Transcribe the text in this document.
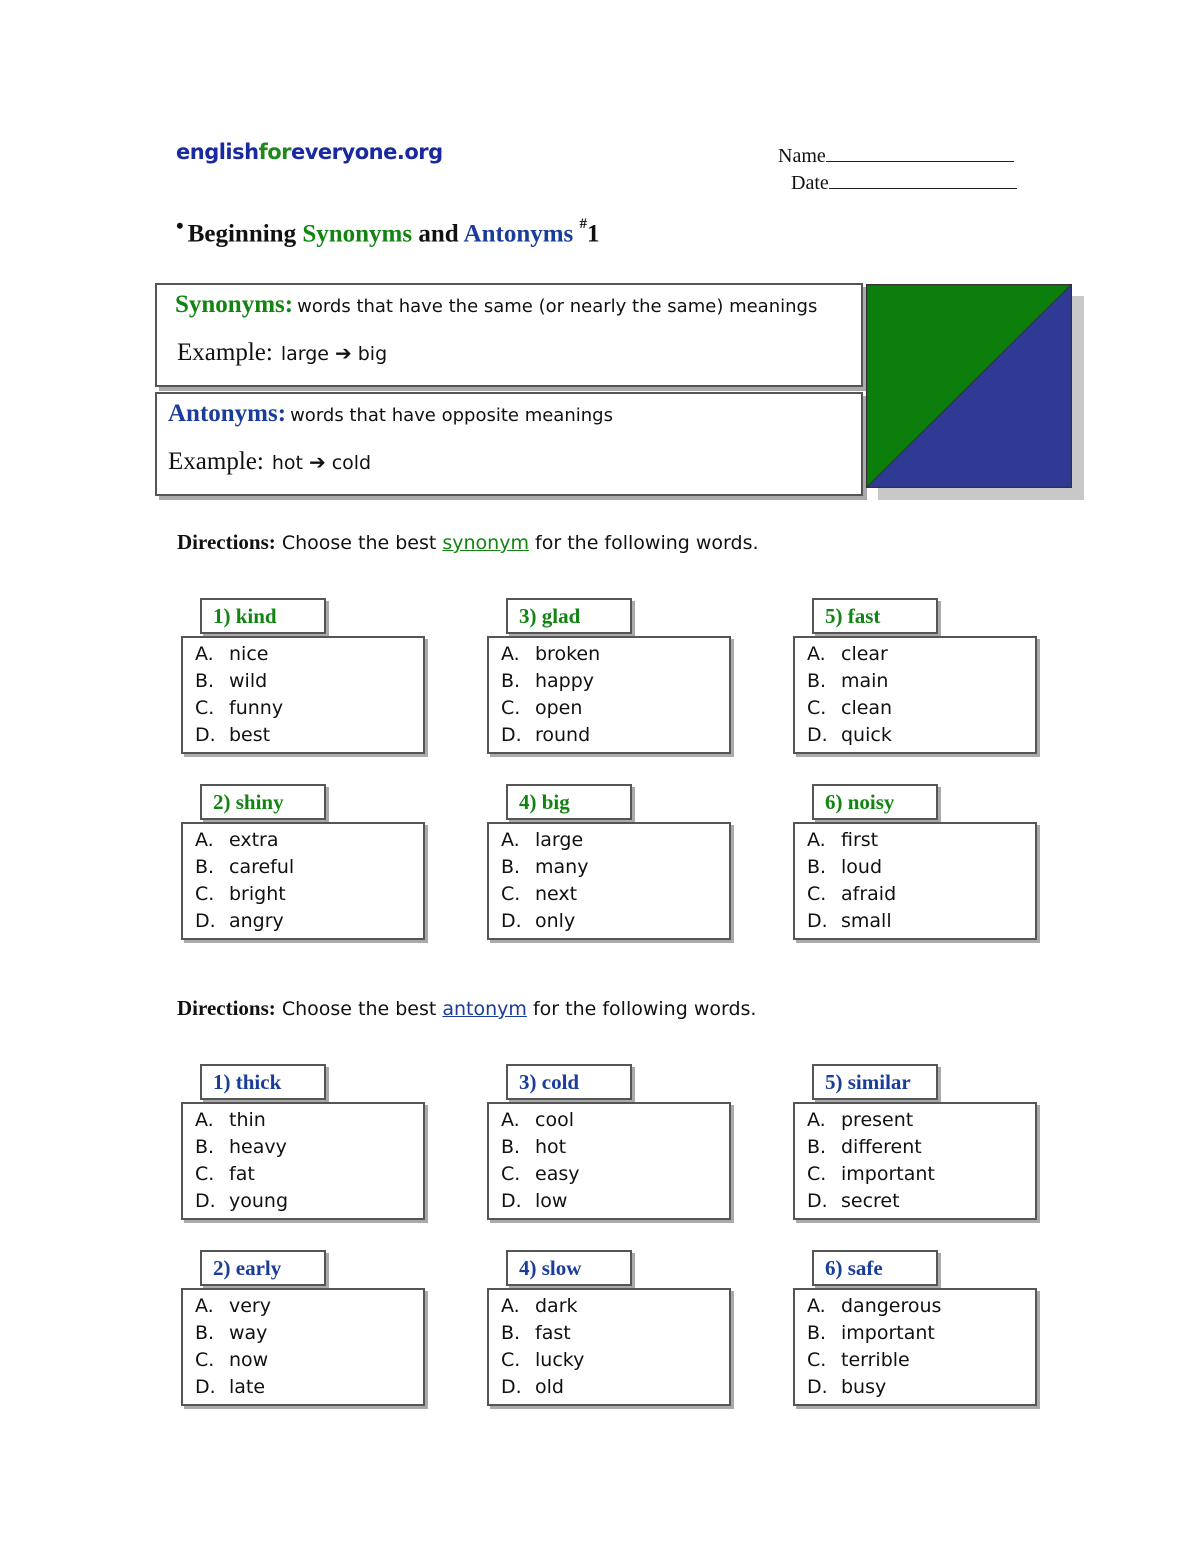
englishforeveryone.org	Name
Date
• Beginning Synonyms and Antonyms #1
Synonyms: words that have the same (or nearly the same) meanings
Example: large ➔ big
Antonyms: words that have opposite meanings
Example: hot ➔ cold
Directions: Choose the best synonym for the following words.
Directions: Choose the best antonym for the following words.
1) kind
A. nice
B. wild
C. funny
D. best
2) shiny
A. extra
B. careful
C. bright
D. angry
3) glad
A. broken
B. happy
C. open
D. round
4) big
A. large
B. many
C. next
D. only
5) fast
A. clear
B. main
C. clean
D. quick
6) noisy
A. first
B. loud
C. afraid
D. small
1) thick
A. thin
B. heavy
C. fat
D. young
2) early
A. very
B. way
C. now
D. late
3) cold
A. cool
B. hot
C. easy
D. low
4) slow
A. dark
B. fast
C. lucky
D. old
5) similar
A. present
B. different
C. important
D. secret
6) safe
A. dangerous
B. important
C. terrible
D. busy
